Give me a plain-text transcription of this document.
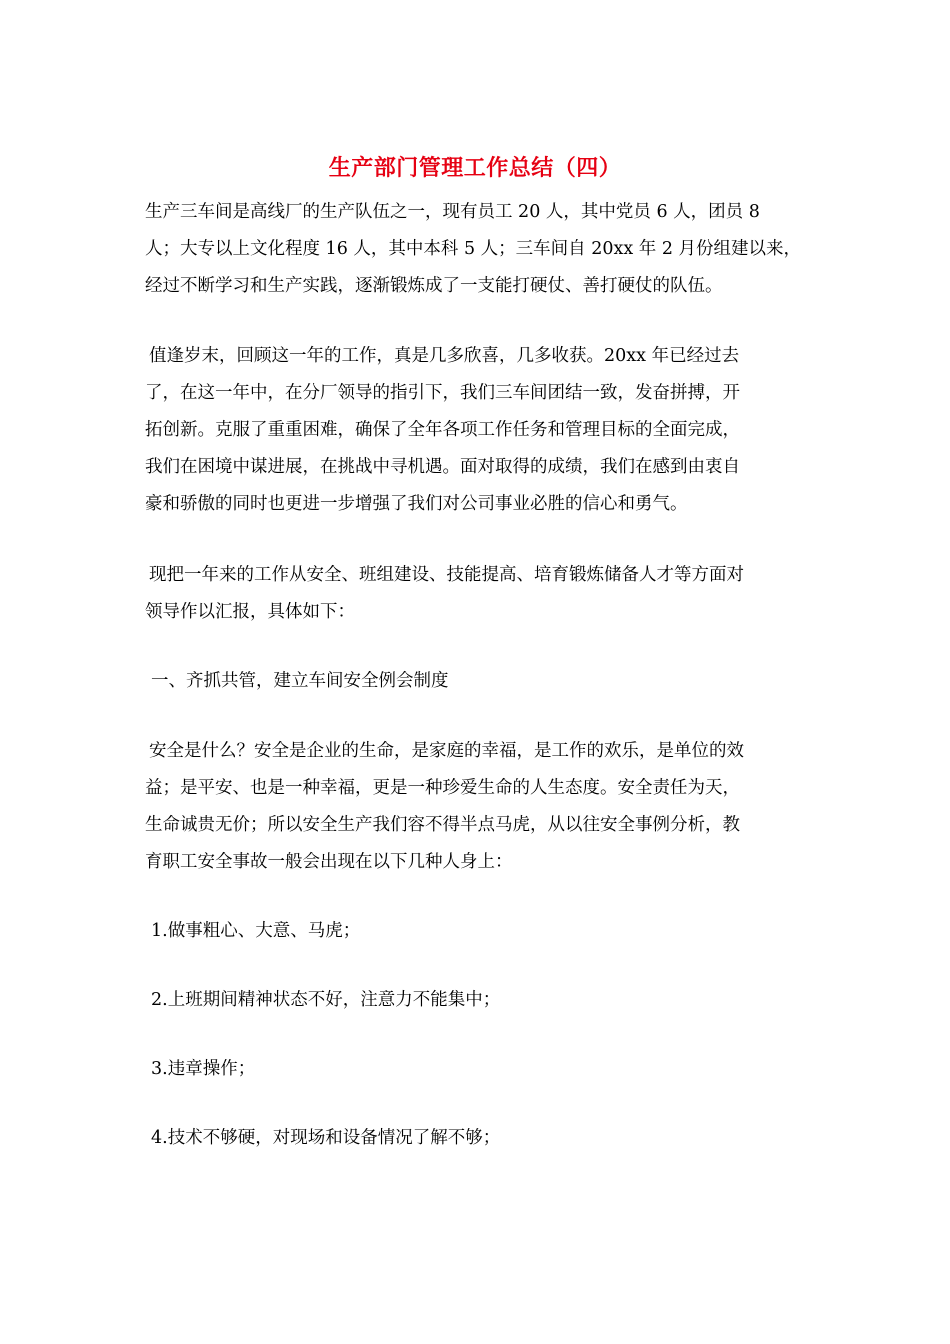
生产部门管理工作总结（四）
生产三车间是高线厂的生产队伍之一，现有员工 20 人，其中党员 6 人，团员 8
人；大专以上文化程度 16 人，其中本科 5 人；三车间自 20xx 年 2 月份组建以来，
经过不断学习和生产实践，逐渐锻炼成了一支能打硬仗、善打硬仗的队伍。
值逢岁末，回顾这一年的工作，真是几多欣喜，几多收获。20xx 年已经过去
了，在这一年中，在分厂领导的指引下，我们三车间团结一致，发奋拼搏，开
拓创新。克服了重重困难，确保了全年各项工作任务和管理目标的全面完成，
我们在困境中谋进展，在挑战中寻机遇。面对取得的成绩，我们在感到由衷自
豪和骄傲的同时也更进一步增强了我们对公司事业必胜的信心和勇气。
现把一年来的工作从安全、班组建设、技能提高、培育锻炼储备人才等方面对
领导作以汇报，具体如下：
一、齐抓共管，建立车间安全例会制度
安全是什么？安全是企业的生命，是家庭的幸福，是工作的欢乐，是单位的效
益；是平安、也是一种幸福，更是一种珍爱生命的人生态度。安全责任为天，
生命诚贵无价；所以安全生产我们容不得半点马虎，从以往安全事例分析，教
育职工安全事故一般会出现在以下几种人身上：
1.做事粗心、大意、马虎；
2.上班期间精神状态不好，注意力不能集中；
3.违章操作；
4.技术不够硬，对现场和设备情况了解不够；
